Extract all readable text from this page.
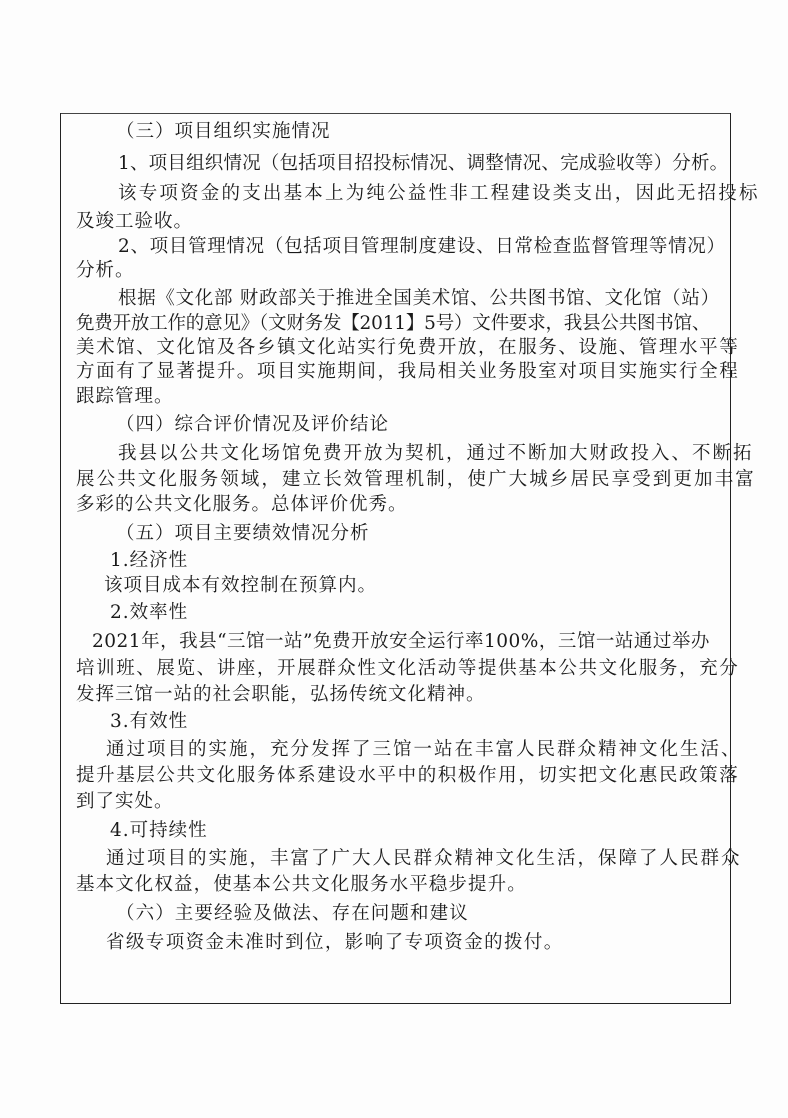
（三）项目组织实施情况
1、项目组织情况（包括项目招投标情况、调整情况、完成验收等）分析。
该专项资金的支出基本上为纯公益性非工程建设类支出，因此无招投标
及竣工验收。
2、项目管理情况（包括项目管理制度建设、日常检查监督管理等情况）
分析。
根据《文化部 财政部关于推进全国美术馆、公共图书馆、文化馆（站）
免费开放工作的意见》（文财务发【2011】5号）文件要求，我县公共图书馆、
美术馆、文化馆及各乡镇文化站实行免费开放，在服务、设施、管理水平等
方面有了显著提升。项目实施期间，我局相关业务股室对项目实施实行全程
跟踪管理。
（四）综合评价情况及评价结论
我县以公共文化场馆免费开放为契机，通过不断加大财政投入、不断拓
展公共文化服务领域，建立长效管理机制，使广大城乡居民享受到更加丰富
多彩的公共文化服务。总体评价优秀。
（五）项目主要绩效情况分析
1.经济性
该项目成本有效控制在预算内。
2.效率性
2021年，我县“三馆一站”免费开放安全运行率100%，三馆一站通过举办
培训班、展览、讲座，开展群众性文化活动等提供基本公共文化服务，充分
发挥三馆一站的社会职能，弘扬传统文化精神。
3.有效性
通过项目的实施，充分发挥了三馆一站在丰富人民群众精神文化生活、
提升基层公共文化服务体系建设水平中的积极作用，切实把文化惠民政策落
到了实处。
4.可持续性
通过项目的实施，丰富了广大人民群众精神文化生活，保障了人民群众
基本文化权益，使基本公共文化服务水平稳步提升。
（六）主要经验及做法、存在问题和建议
省级专项资金未准时到位，影响了专项资金的拨付。
